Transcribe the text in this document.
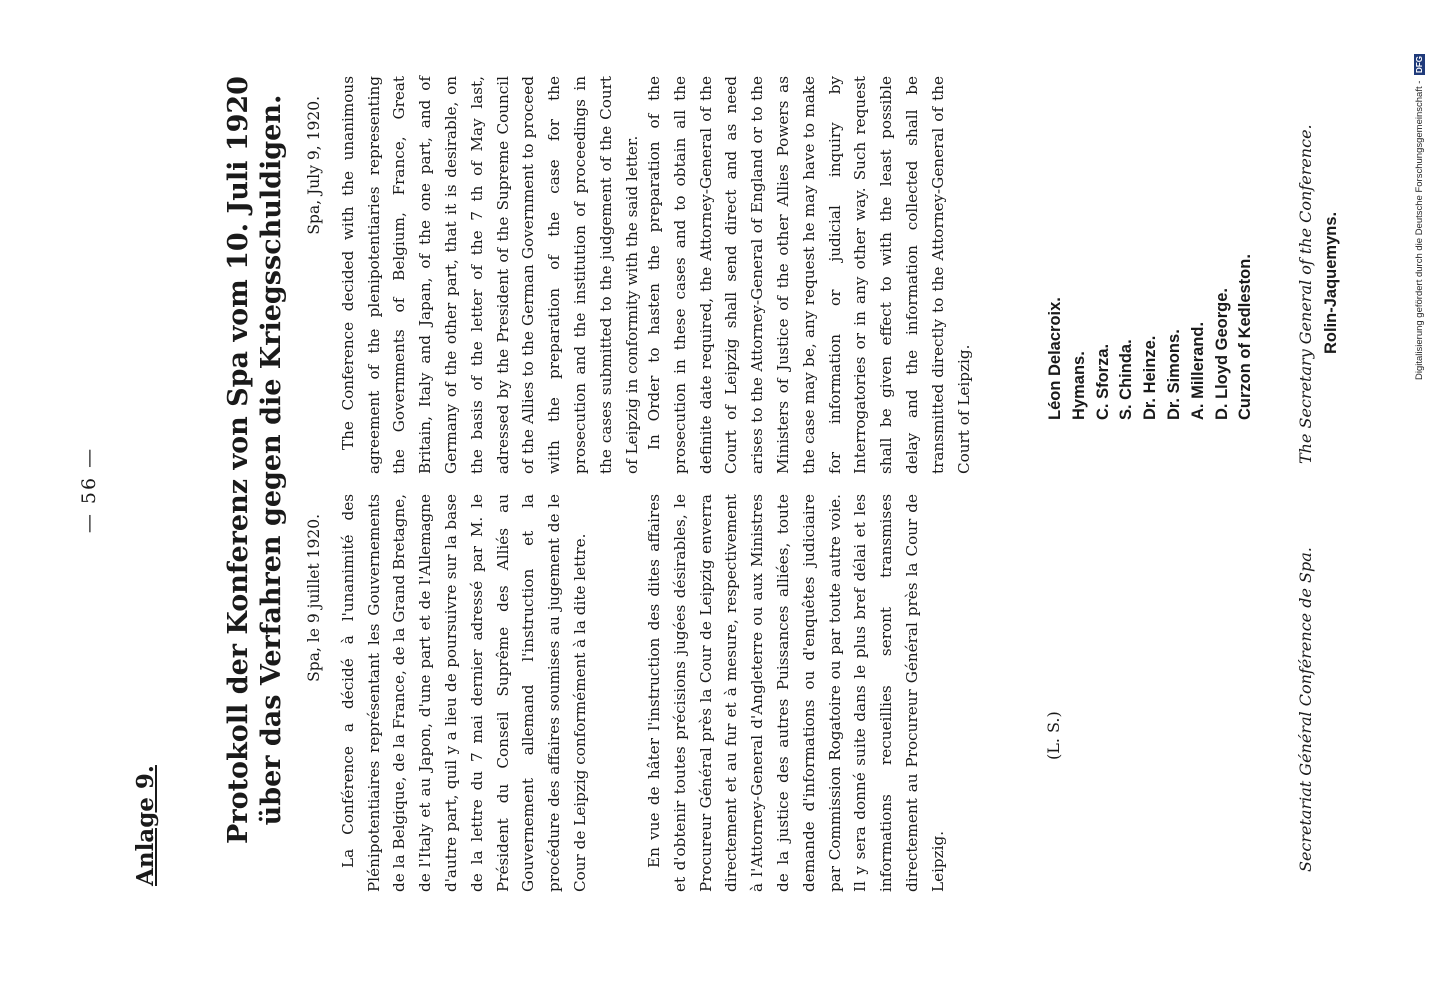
— 56 —
Anlage 9. Protokoll der Konferenz von Spa vom 10. Juli 1920 über das Verfahren gegen die Kriegsschuldigen. Spa, le 9 juillet 1920.	La Conférence a décidé à l'unanimité des Plénipotentiaires représentant les Gouvernements de la Belgique, de la France, de la Grand Bretagne, de l'Italy et au Japon, d'une part et de l'Allemagne d'autre part, quil y a lieu de poursuivre sur la base de la lettre du 7 mai dernier adressé par M. le Président du Conseil Suprême des Alliés au Gouvernement allemand l'instruction et la procédure des affaires soumises au jugement de le Cour de Leipzig conformément à la dite lettre.	En vue de hâter l'instruction des dites affaires et d'obtenir toutes précisions jugées désirables, le Procureur Général près la Cour de Leipzig enverra directement et au fur et à mesure, respectivement à l'Attorney-General d'Angleterre ou aux Ministres de la justice des autres Puissances alliées, toute demande d'informations ou d'enquêtes judiciaire par Commission Rogatoire ou par toute autre voie. Il y sera donné suite dans le plus bref délai et les informations recueillies seront transmises directement au Procureur Général près la Cour de Leipzig.

Spa, July 9, 1920.	The Conference decided with the unanimous agreement of the plenipotentiaries representing the Governments of Belgium, France, Great Britain, Italy and Japan, of the one part, and of Germany of the other part, that it is desirable, on the basis of the letter of the 7 th of May last, adressed by the President of the Supreme Council of the Allies to the German Government to proceed with the preparation of the case for the prosecution and the institution of proceedings in the cases submitted to the judgement of the Court of Leipzig in conformity with the said letter. In Order to hasten the preparation of the prosecution in these cases and to obtain all the definite date required, the Attorney-General of the Court of Leipzig shall send direct and as need arises to the Attorney-General of England or to the Ministers of Justice of the other Allies Powers as the case may be, any request he may have to make for information or judicial inquiry by Interrogatories or in any other way. Such request shall be given effect to with the least possible delay and the information collected shall be transmitted directly to the Attorney-General of the Court of Leipzig.

(L. S.)
Léon Delacroix. Hymans. C. Sforza. S. Chinda. Dr. Heinze. Dr. Simons. A. Millerand. D. Lloyd George. Curzon of Kedleston.
Secretariat Général Conférence de Spa.
The Secretary General of the Conference. Rolin-Jaquemyns.	Digitalisierung gefördert durch die Deutsche Forschungsgemeinschaft - DFG
